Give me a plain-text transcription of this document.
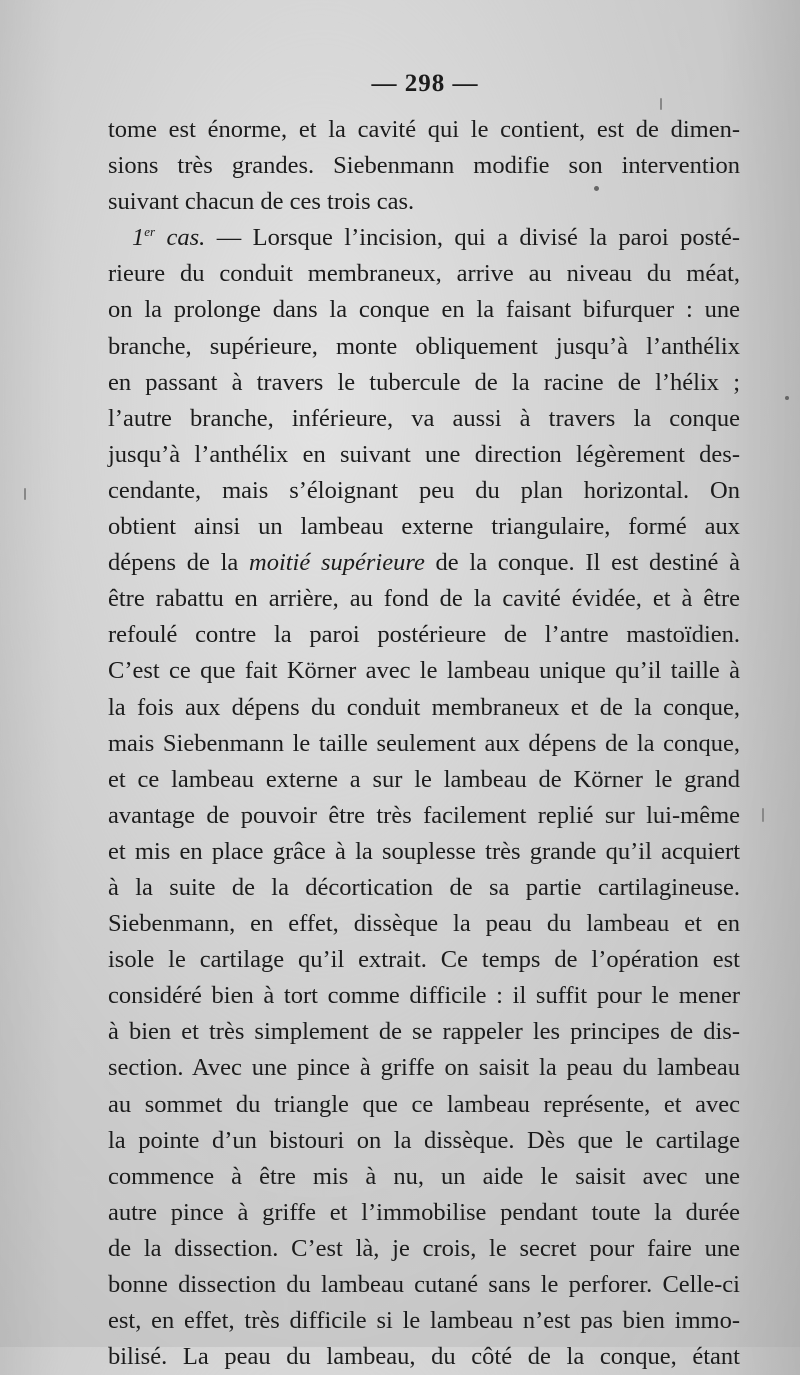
— 298 —
tome est énorme, et la cavité qui le contient, est de dimen-
sions très grandes. Siebenmann modifie son intervention
suivant chacun de ces trois cas.
1er cas. — Lorsque l’incision, qui a divisé la paroi posté-
rieure du conduit membraneux, arrive au niveau du méat,
on la prolonge dans la conque en la faisant bifurquer : une
branche, supérieure, monte obliquement jusqu’à l’anthélix
en passant à travers le tubercule de la racine de l’hélix ;
l’autre branche, inférieure, va aussi à travers la conque
jusqu’à l’anthélix en suivant une direction légèrement des-
cendante, mais s’éloignant peu du plan horizontal. On
obtient ainsi un lambeau externe triangulaire, formé aux
dépens de la moitié supérieure de la conque. Il est destiné à
être rabattu en arrière, au fond de la cavité évidée, et à être
refoulé contre la paroi postérieure de l’antre mastoïdien.
C’est ce que fait Körner avec le lambeau unique qu’il taille à
la fois aux dépens du conduit membraneux et de la conque,
mais Siebenmann le taille seulement aux dépens de la conque,
et ce lambeau externe a sur le lambeau de Körner le grand
avantage de pouvoir être très facilement replié sur lui-même
et mis en place grâce à la souplesse très grande qu’il acquiert
à la suite de la décortication de sa partie cartilagineuse.
Siebenmann, en effet, dissèque la peau du lambeau et en
isole le cartilage qu’il extrait. Ce temps de l’opération est
considéré bien à tort comme difficile : il suffit pour le mener
à bien et très simplement de se rappeler les principes de dis-
section. Avec une pince à griffe on saisit la peau du lambeau
au sommet du triangle que ce lambeau représente, et avec
la pointe d’un bistouri on la dissèque. Dès que le cartilage
commence à être mis à nu, un aide le saisit avec une
autre pince à griffe et l’immobilise pendant toute la durée
de la dissection. C’est là, je crois, le secret pour faire une
bonne dissection du lambeau cutané sans le perforer. Celle-ci
est, en effet, très difficile si le lambeau n’est pas bien immo-
bilisé. La peau du lambeau, du côté de la conque, étant
